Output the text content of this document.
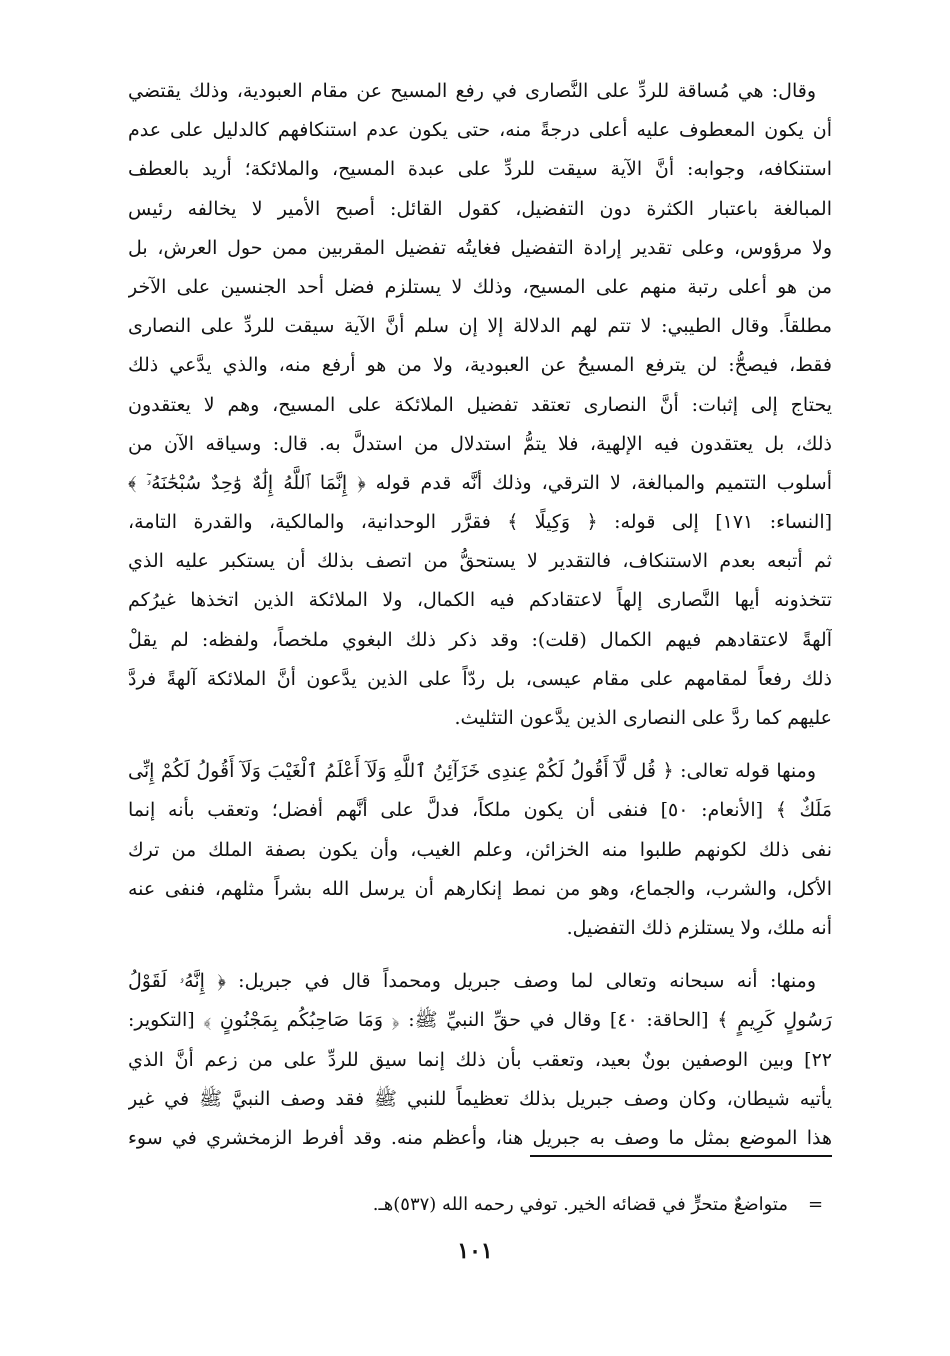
وقال: هي مُساقة للردِّ على النَّصارى في رفع المسيح عن مقام العبودية، وذلك يقتضي
أن يكون المعطوف عليه أعلى درجةً منه، حتى يكون عدم استنكافهم كالدليل على عدم
استنكافه، وجوابه: أنَّ الآية سيقت للردِّ على عبدة المسيح، والملائكة؛ أريد بالعطف
المبالغة باعتبار الكثرة دون التفضيل، كقول القائل: أصبح الأمير لا يخالفه رئيس
ولا مرؤوس، وعلى تقدير إرادة التفضيل فغايتُه تفضيل المقربين ممن حول العرش، بل
من هو أعلى رتبة منهم على المسيح، وذلك لا يستلزم فضل أحد الجنسين على الآخر
مطلقاً. وقال الطيبي: لا تتم لهم الدلالة إلا إن سلم أنَّ الآية سيقت للردِّ على النصارى
فقط، فيصحُّ: لن يترفع المسيحُ عن العبودية، ولا من هو أرفع منه، والذي يدَّعي ذلك
يحتاج إلى إثبات: أنَّ النصارى تعتقد تفضيل الملائكة على المسيح، وهم لا يعتقدون
ذلك، بل يعتقدون فيه الإلهية، فلا يتمُّ استدلال من استدلَّ به. قال: وسياقه الآن من
أسلوب التتميم والمبالغة، لا الترقي، وذلك أنَّه قدم قوله ﴿ إِنَّمَا ٱللَّهُ إِلَٰهٌ وَٰحِدٌ سُبْحَٰنَهُۥٓ ﴾
[النساء: ١٧١] إلى قوله: ﴿ وَكِيلًا ﴾ فقرَّر الوحدانية، والمالكية، والقدرة التامة،
ثم أتبعه بعدم الاستنكاف، فالتقدير لا يستحقُّ من اتصف بذلك أن يستكبر عليه الذي
تتخذونه أيها النَّصارى إلهاً لاعتقادكم فيه الكمال، ولا الملائكة الذين اتخذها غيرُكم
آلهةً لاعتقادهم فيهم الكمال (قلت): وقد ذكر ذلك البغوي ملخصاً، ولفظه: لم يقلْ
ذلك رفعاً لمقامهم على مقام عيسى، بل ردّاً على الذين يدَّعون أنَّ الملائكة آلهةً فردَّ
عليهم كما ردَّ على النصارى الذين يدَّعون التثليث.
ومنها قوله تعالى: ﴿ قُل لَّآ أَقُولُ لَكُمْ عِندِى خَزَآئِنُ ٱللَّهِ وَلَآ أَعْلَمُ ٱلْغَيْبَ وَلَآ أَقُولُ لَكُمْ إِنِّى
مَلَكٌ ﴾ [الأنعام: ٥٠] فنفى أن يكون ملكاً، فدلَّ على أنَّهم أفضل؛ وتعقب بأنه إنما
نفى ذلك لكونهم طلبوا منه الخزائن، وعلم الغيب، وأن يكون بصفة الملك من ترك
الأكل، والشرب، والجماع، وهو من نمط إنكارهم أن يرسل الله بشراً مثلهم، فنفى عنه
أنه ملك، ولا يستلزم ذلك التفضيل.
ومنها: أنه سبحانه وتعالى لما وصف جبريل ومحمداً قال في جبريل: ﴿ إِنَّهُۥ لَقَوْلُ
رَسُولٍ كَرِيمٍ ﴾ [الحاقة: ٤٠] وقال في حقِّ النبيِّ ﷺ: ﴿ وَمَا صَاحِبُكُم بِمَجْنُونٍ ﴾ [التكوير:
٢٢] وبين الوصفين بونٌ بعيد، وتعقب بأن ذلك إنما سيق للردِّ على من زعم أنَّ الذي
يأتيه شيطان، وكان وصف جبريل بذلك تعظيماً للنبي ﷺ فقد وصف النبيَّ ﷺ في غير
هذا الموضع بمثل ما وصف به جبريل هنا، وأعظم منه. وقد أفرط الزمخشري في سوء
=
متواضعٌ متحرٍّ في قضائه الخير. توفي رحمه الله (٥٣٧)هـ.
١٠١
